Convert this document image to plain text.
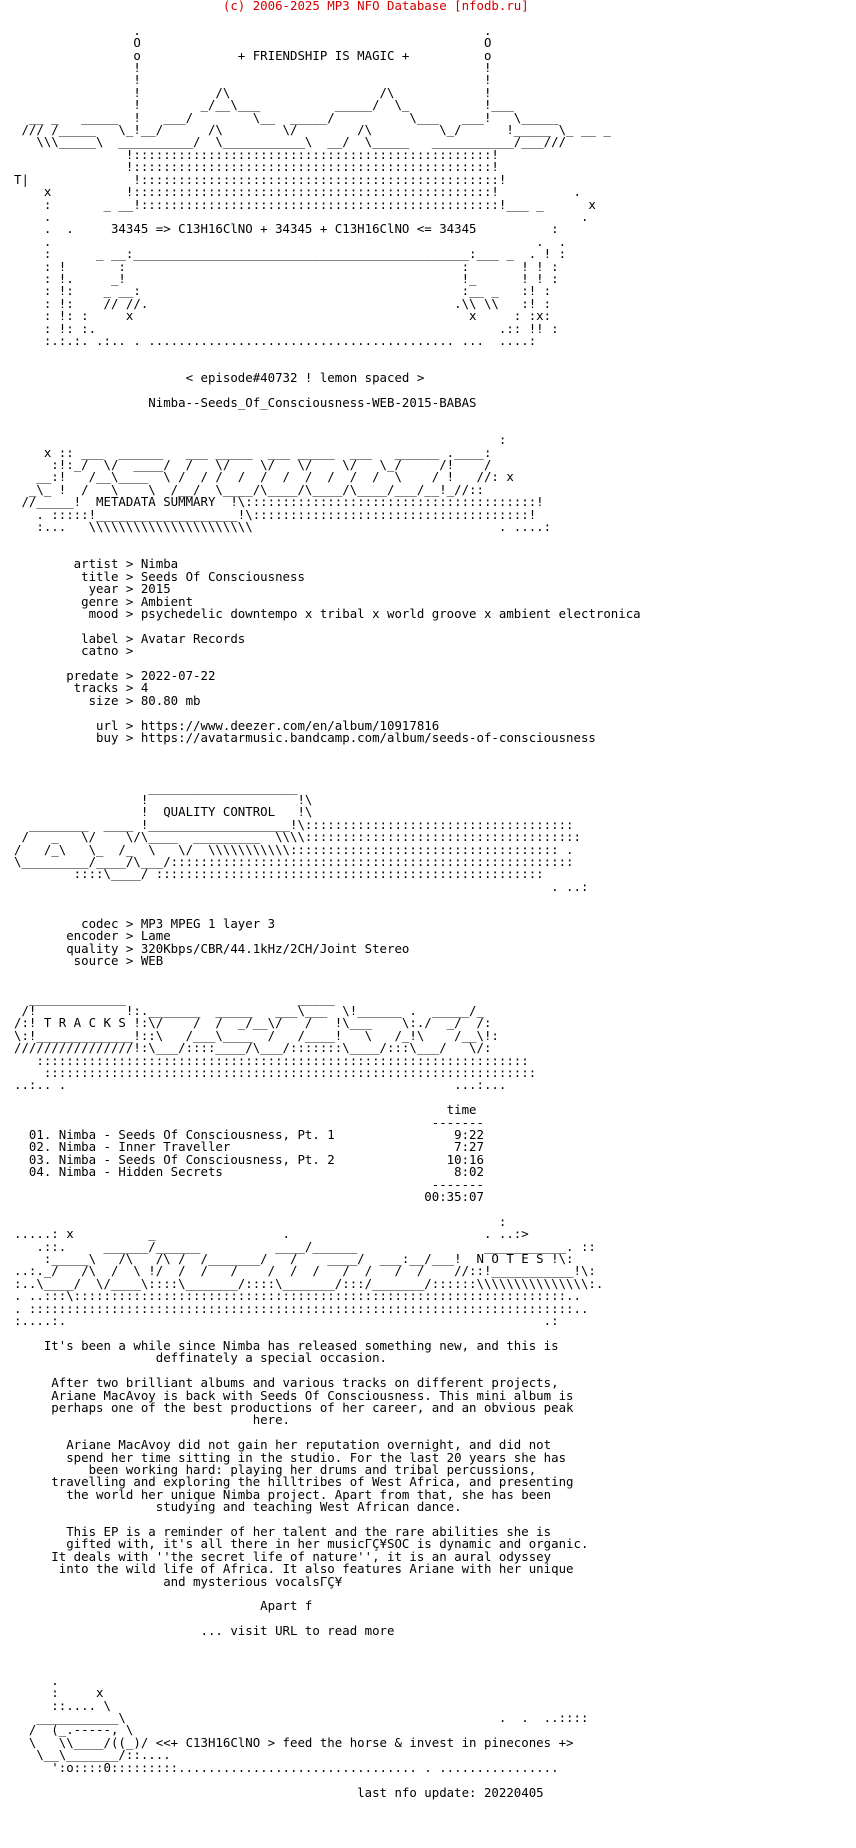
(c) 2006-2025 MP3 NFO Database [nfodb.ru]

.                                              .
O                                              O
o             + FRIENDSHIP IS MAGIC +          o
!                                              !
!                                              !
!          /\                    /\            !
!        _/__\___          _____/  \_          !___
__ _   _____  !   ___/        \__  _____/          \___   ___!   \_____
/// /_____   \_!__/      /\        \/        /\         \_/      !_____ \_ __ _
\\\_____\  __________/  \___________\  __/  \_____   ___________/___///
!::::::::::::::::::::::::::::::::::::::::::::::::!
!::::::::::::::::::::::::::::::::::::::::::::::::!
T|              !::::::::::::::::::::::::::::::::::::::::::::::::!
x          !::::::::::::::::::::::::::::::::::::::::::::::::!          .
:       _ __!::::::::::::::::::::::::::::::::::::::::::::::::!___ _      x
.                                                                       .
.  .     34345 => C13H16ClNO + 34345 + C13H16ClNO <= 34345          :
.                                                                 .  .
:      _ __:_____________________________________________:___ _  . ! :
: !       :                                             :       ! ! :
: !.     _!                                             !_      ! ! :
: !:    _ __:                                           :__ _   :! :
: !:    // //.                                         .\\ \\   :! :
: !: :     x                                             x     : :x:
: !: :.                                                      .:: !! :
:.:.:. .:.. . ......................................... ...  ....:

< episode#40732 ! lemon spaced >

Nimba--Seeds_Of_Consciousness-WEB-2015-BABAS

:
x :: ___  ______   ___ _____  ___ _____  ___   ______ .____:
:!:_/  \/  ____/  /   \/    \/   \/    \/   \_/     /!    /
__:!   /__\____  \ /  / /  /  /  /  /  /  /  /  \    / !   //: x
_\_ !  /   \    \  /__/  \____/\____/\____/\____/___/__!_//::
//_____!  METADATA SUMMARY  !\:::::::::::::::::::::::::::::::::::::::!
. :::::!___________________!\:::::::::::::::::::::::::::::::::::::!
:...   \\\\\\\\\\\\\\\\\\\\\\                                 . ....:

artist > Nimba
title > Seeds Of Consciousness
year > 2015
genre > Ambient
mood > psychedelic downtempo x tribal x world groove x ambient electronica

label > Avatar Records
catno >

predate > 2022-07-22
tracks > 4
size > 80.80 mb

url > https://www.deezer.com/en/album/10917816
buy > https://avatarmusic.bandcamp.com/album/seeds-of-consciousness

____________________
!                    !\
!  QUALITY CONTROL   !\
________  ____ !___________________!\::::::::::::::::::::::::::::::::::::
/   _   \/    \/\____  _________  \\\\:::::::::::::::::::::::::::::::::::::
/   /_\   \_  /_  \   \/  \\\\\\\\\\\:::::::::::::::::::::::::::::::::::: .
\_________/____/\___/::::::::::::::::::::::::::::::::::::::::::::::::::::::
::::\____/ ::::::::::::::::::::::::::::::::::::::::::::::::::::
. ..:

codec > MP3 MPEG 1 layer 3
encoder > Lame
quality > 320Kbps/CBR/44.1kHz/2CH/Joint Stereo
source > WEB

_____________                       _____
/!            !:._______  _____   ___\___  \!______ .  _____/_
/:! T R A C K S !:\/    /  /  _/__\/   /   !\___    \:./  _/  /:
\:!_____________!::\   /___\____  /   /____!   \   /_!\    /__\!:
////////////////!:\___/::::____/\___/:::::::\____/:::\___/   \/:
::::::::::::::::::::::::::::::::::::::::::::::::::::::::::::::::::
::::::::::::::::::::::::::::::::::::::::::::::::::::::::::::::::::
..:.. .                                                    ...:...

time
-------
01. Nimba - Seeds Of Consciousness, Pt. 1                9:22
02. Nimba - Inner Traveller                              7:27
03. Nimba - Seeds Of Consciousness, Pt. 2               10:16
04. Nimba - Hidden Secrets                               8:02
-------
00:35:07

:
.....: x          _                 .                          . ..:>
.::.     ______/______          ____/______                 ___________. ::
:_____\   /\   /\ /  /_______/   /    ____/  ___:__/___!  N O T E S !\:
..:._/   /\  /  \ !/  /  /   /    /  /  /   /  /   /  /    //::!___________!\:
:..\____/  \/____\::::\_______/::::\_______/:::/_______/::::::\\\\\\\\\\\\\\\:.
. ..:::\::::::::::::::::::::::::::::::::::::::::::::::::::::::::::::::::::..
. :::::::::::::::::::::::::::::::::::::::::::::::::::::::::::::::::::::::::..
:....:.                                                                .:

It's been a while since Nimba has released something new, and this is
deffinately a special occasion.

After two brilliant albums and various tracks on different projects,
Ariane MacAvoy is back with Seeds Of Consciousness. This mini album is
perhaps one of the best productions of her career, and an obvious peak
here.

Ariane MacAvoy did not gain her reputation overnight, and did not
spend her time sitting in the studio. For the last 20 years she has
been working hard: playing her drums and tribal percussions,
travelling and exploring the hilltribes of West Africa, and presenting
the world her unique Nimba project. Apart from that, she has been
studying and teaching West African dance.

This EP is a reminder of her talent and the rare abilities she is
gifted with, it's all there in her musicΓÇ¥SOC is dynamic and organic.
It deals with ''the secret life of nature'', it is an aural odyssey
into the wild life of Africa. It also features Ariane with her unique
and mysterious vocalsΓÇ¥

Apart f

... visit URL to read more

.
:     x
::.... \
___________\                                                  .  .  ..::::
/  (_.-----, \
\   \\____/((_)/ <<+ C13H16ClNO > feed the horse & invest in pinecones +>
\__\_______/::....
':o::::0:::::::::................................ . ................

last nfo update: 20220405
